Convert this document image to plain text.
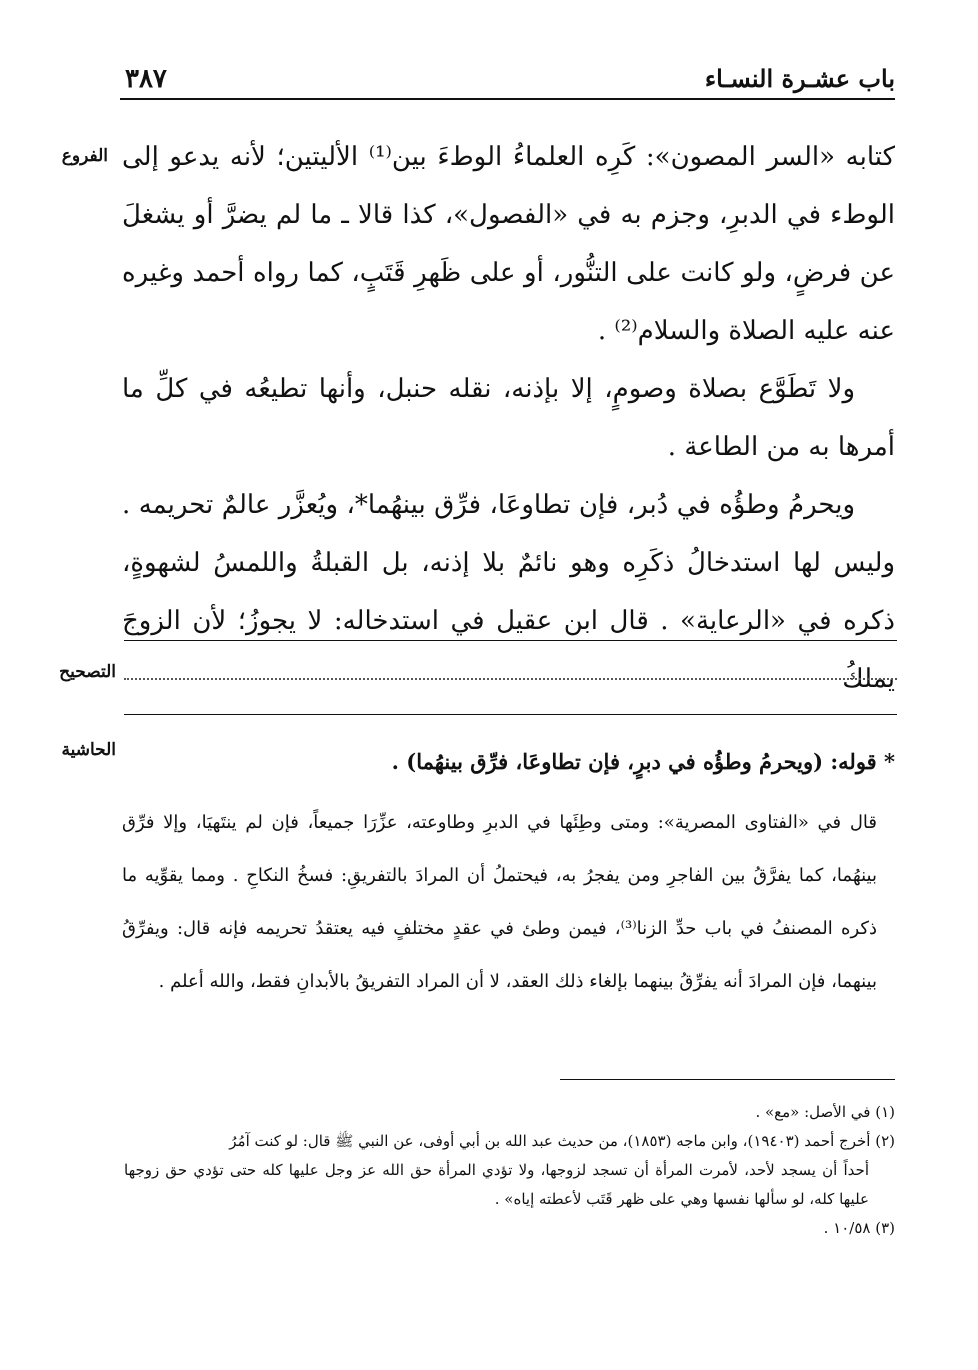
باب عشـرة النسـاء
٣٨٧
الفروع
التصحيح
الحاشية

كتابه «السر المصون»: كَرِه العلماءُ الوطءَ بين⁽¹⁾ الأليتين؛ لأنه يدعو إلى الوطء في الدبرِ، وجزم به في «الفصول»، كذا قالا ـ ما لم يضرَّ أو يشغلَ عن فرضٍ، ولو كانت على التنُّور، أو على ظَهرِ قَتَبٍ، كما رواه أحمد وغيره عنه عليه الصلاة والسلام⁽²⁾ .

ولا تَطَوَّع بصلاة وصومٍ، إلا بإذنه، نقله حنبل، وأنها تطيعُه في كلِّ ما أمرها به من الطاعة .

ويحرمُ وطؤُه في دُبر، فإن تطاوعَا، فرِّق بينهُما*، ويُعزَّر عالمٌ تحريمه . وليس لها استدخالُ ذكَرِه وهو نائمٌ بلا إذنه، بل القبلةُ واللمسُ لشهوةٍ، ذكره في «الرعاية» . قال ابن عقيل في استدخاله: لا يجوزُ؛ لأن الزوجَ يملكُ

* قوله: (ويحرمُ وطؤُه في دبرٍ، فإن تطاوعَا، فرِّق بينهُما) .
قال في «الفتاوى المصرية»: ومتى وطِئَها في الدبرِ وطاوعته، عزِّرَا جميعاً، فإن لم ينتَهيَا، وإلا فرِّق بينهُما، كما يفرَّقُ بين الفاجرِ ومن يفجرُ به، فيحتملُ أن المرادَ بالتفريقِ: فسخُ النكاحِ . ومما يقوِّيه ما ذكره المصنفُ في باب حدِّ الزنا⁽³⁾، فيمن وطئ في عقدٍ مختلفٍ فيه يعتقدُ تحريمه فإنه قال: ويفرِّقُ بينهما، فإن المرادَ أنه يفرِّقُ بينهما بإلغاء ذلك العقد، لا أن المراد التفريقُ بالأبدانِ فقط، والله أعلم .

(١) في الأصل: «مع» .

(٢) أخرج أحمد (١٩٤٠٣)، وابن ماجه (١٨٥٣)، من حديث عبد الله بن أبي أوفى، عن النبي ﷺ قال: لو كنت آمُرُ
أحداً أن يسجد لأحد، لأمرت المرأة أن تسجد لزوجها، ولا تؤدي المرأة حق الله عز وجل عليها كله حتى تؤدي حق زوجها عليها كله، لو سألها نفسها وهي على ظهر قَتَب لأعطته إياه» .

(٣) ١٠/٥٨ .
